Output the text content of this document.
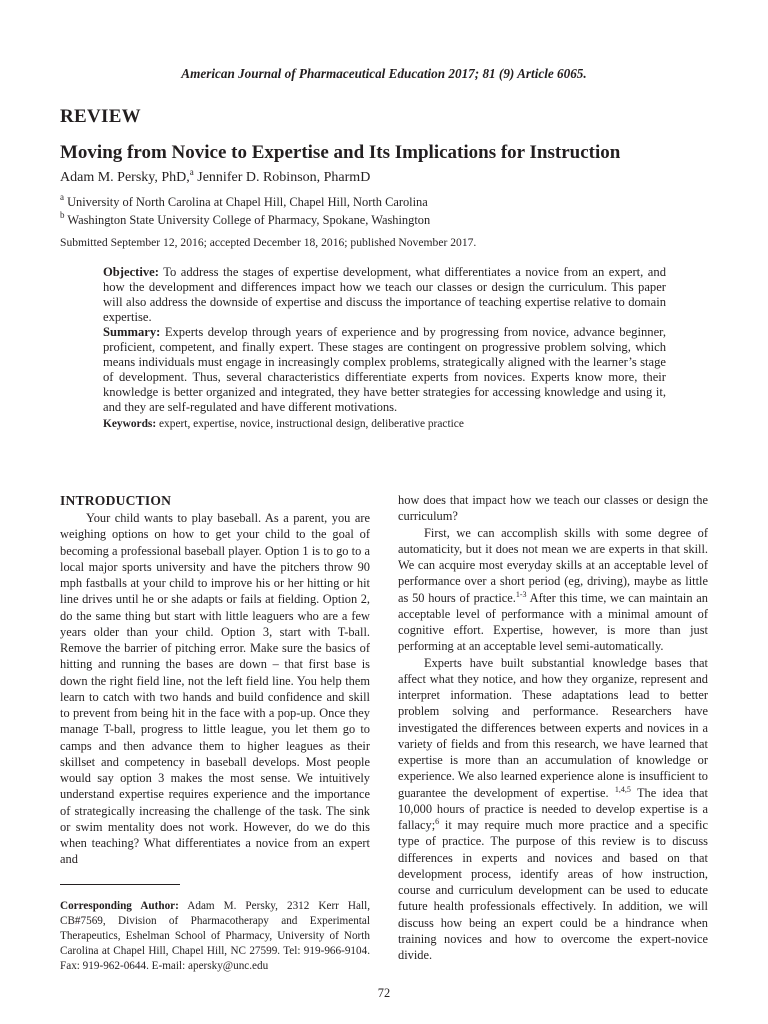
American Journal of Pharmaceutical Education 2017; 81 (9) Article 6065.
REVIEW
Moving from Novice to Expertise and Its Implications for Instruction
Adam M. Persky, PhD,$^a$ Jennifer D. Robinson, PharmD
$^a$ University of North Carolina at Chapel Hill, Chapel Hill, North Carolina
$^b$ Washington State University College of Pharmacy, Spokane, Washington
Submitted September 12, 2016; accepted December 18, 2016; published November 2017.

Objective: To address the stages of expertise development, what differentiates a novice from an expert, and how the development and differences impact how we teach our classes or design the curriculum. This paper will also address the downside of expertise and discuss the importance of teaching expertise relative to domain expertise.

Summary: Experts develop through years of experience and by progressing from novice, advance beginner, proficient, competent, and finally expert. These stages are contingent on progressive problem solving, which means individuals must engage in increasingly complex problems, strategically aligned with the learner’s stage of development. Thus, several characteristics differentiate experts from novices. Experts know more, their knowledge is better organized and integrated, they have better strategies for accessing knowledge and using it, and they are self-regulated and have different motivations.

Keywords: expert, expertise, novice, instructional design, deliberative practice

INTRODUCTION

Your child wants to play baseball. As a parent, you are weighing options on how to get your child to the goal of becoming a professional baseball player. Option 1 is to go to a local major sports university and have the pitchers throw 90 mph fastballs at your child to improve his or her hitting or hit line drives until he or she adapts or fails at fielding. Option 2, do the same thing but start with little leaguers who are a few years older than your child. Option 3, start with T-ball. Remove the barrier of pitching error. Make sure the basics of hitting and running the bases are down – that first base is down the right field line, not the left field line. You help them learn to catch with two hands and build confidence and skill to prevent from being hit in the face with a pop-up. Once they manage T-ball, progress to little league, you let them go to camps and then advance them to higher leagues as their skillset and competency in baseball develops. Most people would say option 3 makes the most sense. We intuitively understand expertise requires experience and the importance of strategically increasing the challenge of the task. The sink or swim mentality does not work. However, do we do this when teaching? What differentiates a novice from an expert and

how does that impact how we teach our classes or design the curriculum?

First, we can accomplish skills with some degree of automaticity, but it does not mean we are experts in that skill. We can acquire most everyday skills at an acceptable level of performance over a short period (eg, driving), maybe as little as 50 hours of practice.$^{1-3}$ After this time, we can maintain an acceptable level of performance with a minimal amount of cognitive effort. Expertise, however, is more than just performing at an acceptable level semi-automatically.

Experts have built substantial knowledge bases that affect what they notice, and how they organize, represent and interpret information. These adaptations lead to better problem solving and performance. Researchers have investigated the differences between experts and novices in a variety of fields and from this research, we have learned that expertise is more than an accumulation of knowledge or experience. We also learned experience alone is insufficient to guarantee the development of expertise. $^{1,4,5}$ The idea that 10,000 hours of practice is needed to develop expertise is a fallacy;$^6$ it may require much more practice and a specific type of practice. The purpose of this review is to discuss differences in experts and novices and based on that development process, identify areas of how instruction, course and curriculum development can be used to educate future health professionals effectively. In addition, we will discuss how being an expert could be a hindrance when training novices and how to overcome the expert-novice divide.

Corresponding Author: Adam M. Persky, 2312 Kerr Hall, CB#7569, Division of Pharmacotherapy and Experimental Therapeutics, Eshelman School of Pharmacy, University of North Carolina at Chapel Hill, Chapel Hill, NC 27599. Tel: 919-966-9104. Fax: 919-962-0644. E-mail: apersky@unc.edu
72
